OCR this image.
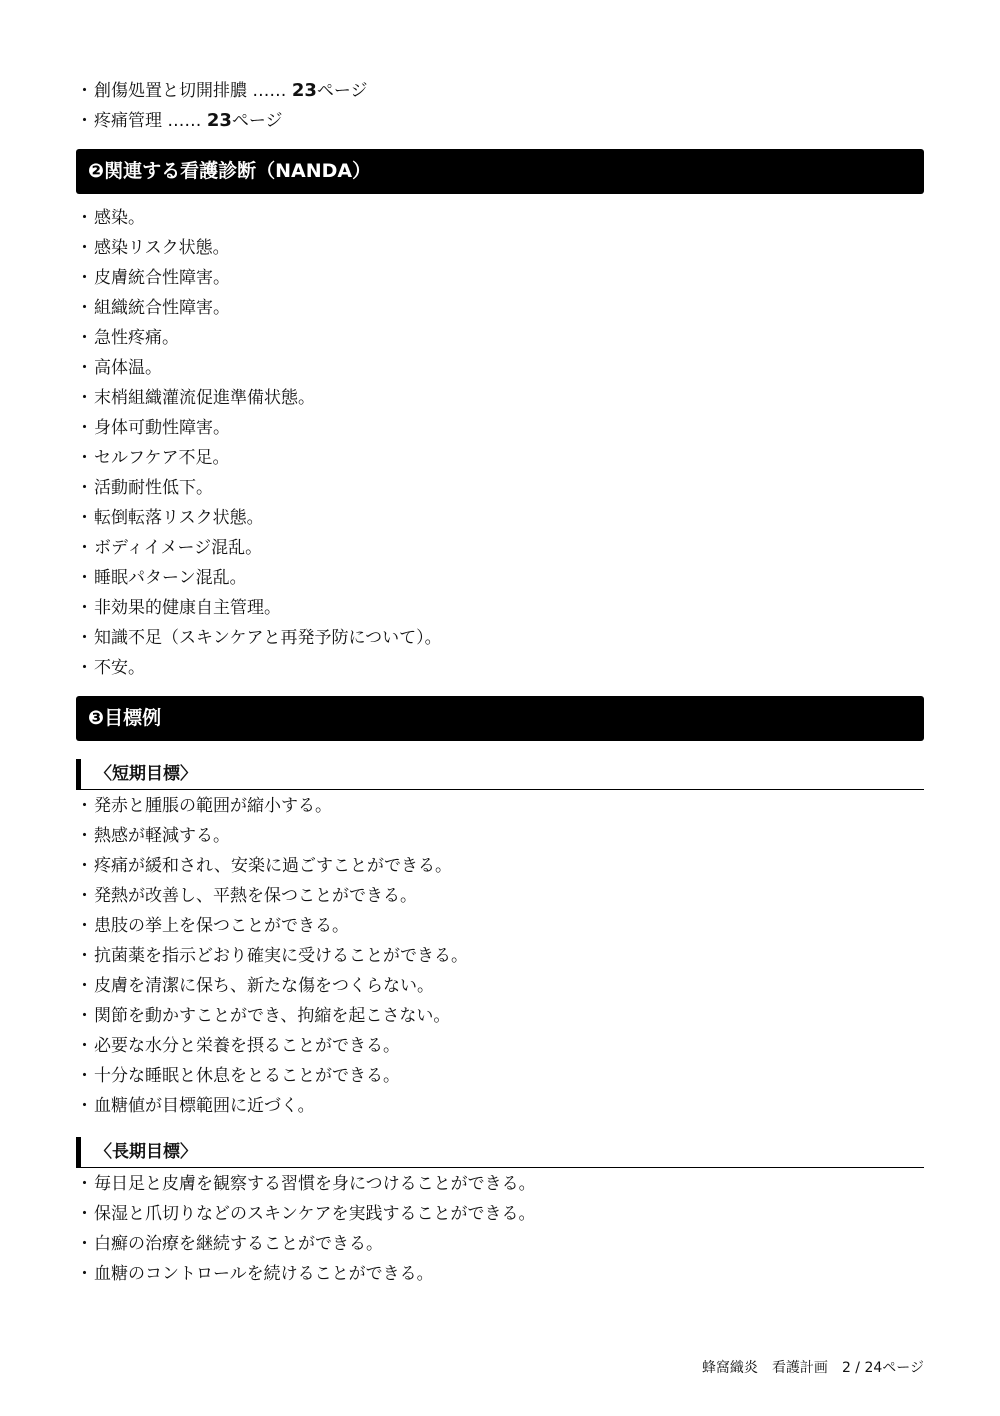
・創傷処置と切開排膿 …… 23ページ
・疼痛管理 …… 23ページ
❷関連する看護診断（NANDA）
・感染。
・感染リスク状態。
・皮膚統合性障害。
・組織統合性障害。
・急性疼痛。
・高体温。
・末梢組織灌流促進準備状態。
・身体可動性障害。
・セルフケア不足。
・活動耐性低下。
・転倒転落リスク状態。
・ボディイメージ混乱。
・睡眠パターン混乱。
・非効果的健康自主管理。
・知識不足（スキンケアと再発予防について）。
・不安。
❸目標例
〈短期目標〉
・発赤と腫脹の範囲が縮小する。
・熱感が軽減する。
・疼痛が緩和され、安楽に過ごすことができる。
・発熱が改善し、平熱を保つことができる。
・患肢の挙上を保つことができる。
・抗菌薬を指示どおり確実に受けることができる。
・皮膚を清潔に保ち、新たな傷をつくらない。
・関節を動かすことができ、拘縮を起こさない。
・必要な水分と栄養を摂ることができる。
・十分な睡眠と休息をとることができる。
・血糖値が目標範囲に近づく。
〈長期目標〉
・毎日足と皮膚を観察する習慣を身につけることができる。
・保湿と爪切りなどのスキンケアを実践することができる。
・白癬の治療を継続することができる。
・血糖のコントロールを続けることができる。
蜂窩織炎 看護計画 2 / 24ページ
